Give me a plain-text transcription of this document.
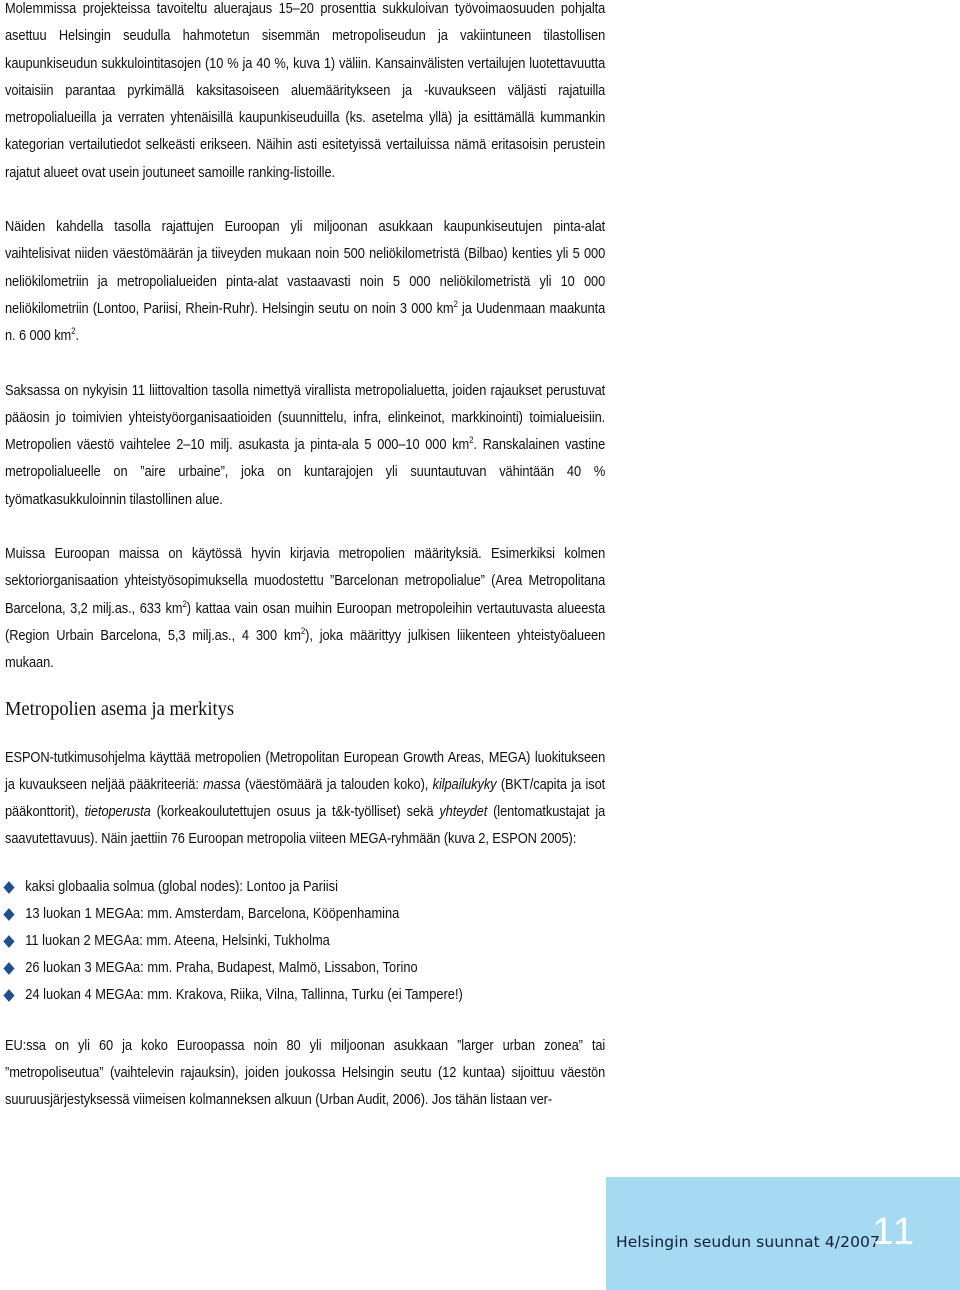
Molemmissa projekteissa tavoiteltu aluerajaus 15–20 prosenttia sukkuloivan työvoimaosuuden pohjalta asettuu Helsingin seudulla hahmotetun sisemmän metropoliseudun ja vakiintuneen tilastollisen kaupunkiseudun sukkulointitasojen (10 % ja 40 %, kuva 1) väliin. Kansainvälisten vertailujen luotettavuutta voitaisiin parantaa pyrkimällä kaksitasoiseen aluemääritykseen ja -kuvaukseen väljästi rajatuilla metropolialueilla ja verraten yhtenäisillä kaupunkiseuduilla (ks. asetelma yllä) ja esittämällä kummankin kategorian vertailutiedot selkeästi erikseen. Näihin asti esitetyissä vertailuissa nämä eritasoisin perustein rajatut alueet ovat usein joutuneet samoille ranking-listoille.

Näiden kahdella tasolla rajattujen Euroopan yli miljoonan asukkaan kaupunkiseutujen pinta-alat vaihtelisivat niiden väestömäärän ja tiiveyden mukaan noin 500 neliökilometristä (Bilbao) kenties yli 5 000 neliökilometriin ja metropolialueiden pinta-alat vastaavasti noin 5 000 neliökilometristä yli 10 000 neliökilometriin (Lontoo, Pariisi, Rhein-Ruhr). Helsingin seutu on noin 3 000 $km^2$ ja Uudenmaan maakunta n. 6 000 $km^2$.

Saksassa on nykyisin 11 liittovaltion tasolla nimettyä virallista metropolialuetta, joiden rajaukset perustuvat pääosin jo toimivien yhteistyöorganisaatioiden (suunnittelu, infra, elinkeinot, markkinointi) toimialueisiin. Metropolien väestö vaihtelee 2–10 milj. asukasta ja pinta-ala 5 000–10 000 $km^2$. Ranskalainen vastine metropolialueelle on ”aire urbaine”, joka on kuntarajojen yli suuntautuvan vähintään 40 % työmatkasukkuloinnin tilastollinen alue.

Muissa Euroopan maissa on käytössä hyvin kirjavia metropolien määrityksiä. Esimerkiksi kolmen sektoriorganisaation yhteistyösopimuksella muodostettu ”Barcelonan metropolialue” (Area Metropolitana Barcelona, 3,2 milj.as., 633 $km^2$) kattaa vain osan muihin Euroopan metropoleihin vertautuvasta alueesta (Region Urbain Barcelona, 5,3 milj.as., 4 300 $km^2$), joka määrittyy julkisen liikenteen yhteistyöalueen mukaan.

Metropolien asema ja merkitys

ESPON-tutkimusohjelma käyttää metropolien (Metropolitan European Growth Areas, MEGA) luokitukseen ja kuvaukseen neljää pääkriteeriä: massa (väestömäärä ja talouden koko), kilpailukyky (BKT/capita ja isot pääkonttorit), tietoperusta (korkeakoulutettujen osuus ja t&k-työlliset) sekä yhteydet (lentomatkustajat ja saavutettavuus). Näin jaettiin 76 Euroopan metropolia viiteen MEGA-ryhmään (kuva 2, ESPON 2005):

kaksi globaalia solmua (global nodes): Lontoo ja Pariisi
13 luokan 1 MEGAa: mm. Amsterdam, Barcelona, Kööpenhamina
11 luokan 2 MEGAa: mm. Ateena, Helsinki, Tukholma
26 luokan 3 MEGAa: mm. Praha, Budapest, Malmö, Lissabon, Torino
24 luokan 4 MEGAa: mm. Krakova, Riika, Vilna, Tallinna, Turku (ei Tampere!)

EU:ssa on yli 60 ja koko Euroopassa noin 80 yli miljoonan asukkaan ”larger urban zonea” tai ”metropoliseutua” (vaihtelevin rajauksin), joiden joukossa Helsingin seutu (12 kuntaa) sijoittuu väestön suuruusjärjestyksessä viimeisen kolmanneksen alkuun (Urban Audit, 2006). Jos tähän listaan ver-

Helsingin seudun suunnat 4/2007
11
